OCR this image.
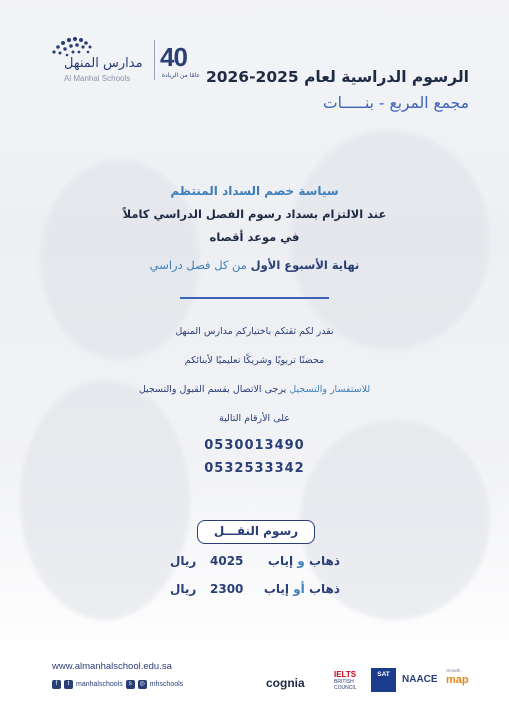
مدارس المنهل
Al Manhal Schools
40
عامًا من الريادة الرسوم الدراسية لعام 2025-2026
مجمع المربع - بنـــــات
سياسة خصم السداد المنتظم
عند الالتزام بسداد رسوم الفصل الدراسي كاملاً
في موعد أقصاه
نهاية الأسبوع الأول من كل فصل دراسي
نقدر لكم ثقتكم باختياركم مدارس المنهل
محضنًا تربويًا وشريكًا تعليميًا لأبنائكم
للاستفسار والتسجيل يرجى الاتصال بقسم القبول والتسجيل
على الأرقام التالية
0530013490
0532533342
رسوم النقـــل
ذهاب و إياب
4025
ريال
ذهاب أو إياب
2300
ريال
www.almanhalschool.edu.sa
f	t manhalschools	s	◎ mhschools	cognia
IELTS
BRITISH COUNCIL
SAT	NAACE
Growth
map
